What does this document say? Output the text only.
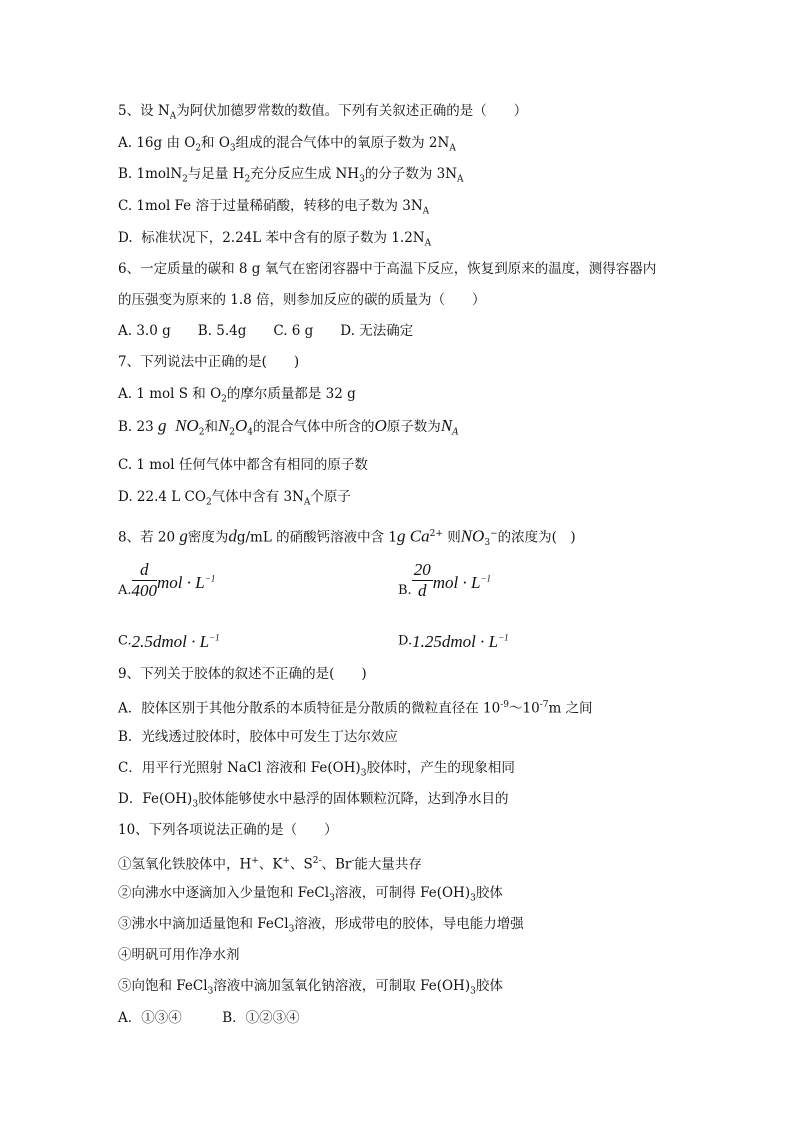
5、设 $N_A$为阿伏加德罗常数的数值。下列有关叙述正确的是（　　）
A. 16g 由 $O_2$和 $O_3$组成的混合气体中的氧原子数为 $2N_A$
B. 1molN$_2$与足量 $H_2$充分反应生成 $NH_3$的分子数为 $3N_A$
C. 1mol Fe 溶于过量稀硝酸，转移的电子数为 $3N_A$
D.  标准状况下，2.24L 苯中含有的原子数为 $1.2N_A$
6、一定质量的碳和 8 g 氧气在密闭容器中于高温下反应，恢复到原来的温度，测得容器内
的压强变为原来的 1.8 倍，则参加反应的碳的质量为（　　）
A. 3.0 g　　B. 5.4g　　C. 6 g　　D. 无法确定
7、下列说法中正确的是(　　)
A. 1 mol S 和 $O_2$的摩尔质量都是 32 g
B. 23 g $NO_2$和$N_2O_4$的混合气体中所含的O原子数为$N_A$
C. 1 mol 任何气体中都含有相同的原子数
D. 22.4 L $CO_2$气体中含有 $3N_A$个原子
8、若 20 g密度为dg/mL 的硝酸钙溶液中含 1g $Ca^{2+}$ 则$NO_3^-$的浓度为(　)
A. $\frac{d}{400}$ mol · $L^{-1}$
B. $\frac{20}{d}$ mol · $L^{-1}$
C.2.5dmol · $L^{-1}$	D.1.25dmol · $L^{-1}$
9、下列关于胶体的叙述不正确的是(　　)
A．胶体区别于其他分散系的本质特征是分散质的微粒直径在 $10^{-9}\sim 10^{-7}m$ 之间
B．光线透过胶体时，胶体中可发生丁达尔效应
C．用平行光照射 NaCl 溶液和 $Fe(OH)_3$胶体时，产生的现象相同
D．$Fe(OH)_3$胶体能够使水中悬浮的固体颗粒沉降，达到净水目的
10、下列各项说法正确的是（　　）
①氢氧化铁胶体中，H+、K+、$S^{2-}$、Br-能大量共存
②向沸水中逐滴加入少量饱和 FeCl$_3$溶液，可制得 $Fe(OH)_3$胶体
③沸水中滴加适量饱和 FeCl$_3$溶液，形成带电的胶体，导电能力增强
④明矾可用作净水剂
⑤向饱和 FeCl$_3$溶液中滴加氢氧化钠溶液，可制取 $Fe(OH)_3$胶体
A．①③④　　　B．①②③④
